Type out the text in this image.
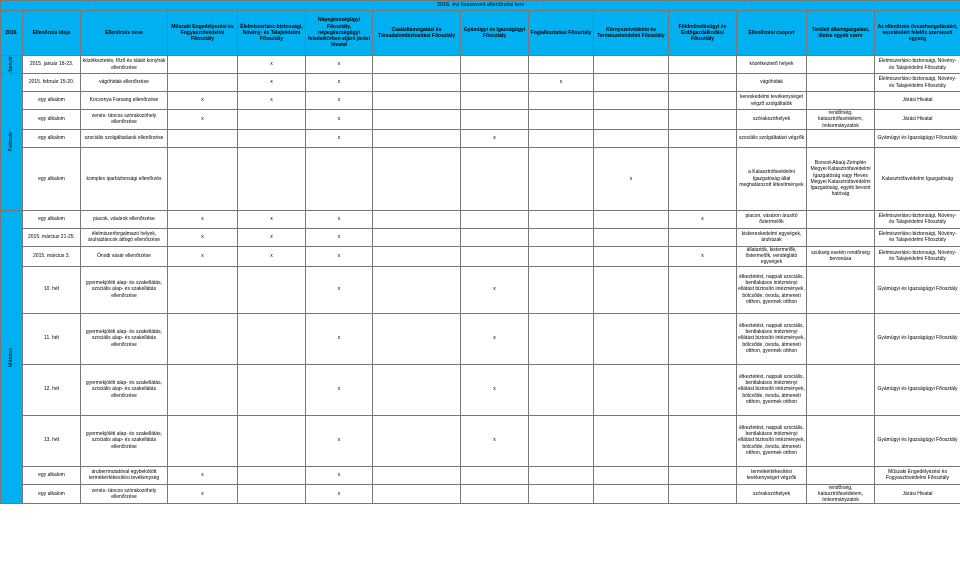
2016. évi összevont ellenőrzési terv													
2016.	Ellenőrzés ideje	Ellenőrzés neve	Műszaki Engedélyezési és Fogyasztóvédelmi Főosztály	Élelmiszerlánc-biztonsági, Növény- és Talajvédelmi Főosztály	Népegészségügyi Főosztály, népegészségügyi feladatkörben eljáró járási hivatal	Családtámogatási és Társadalombiztosítási Főosztály	Gyámügyi és Igazságügyi Főosztály	Foglalkoztatási Főosztály	Környezetvédelmi és Természetvédelmi Főosztály	Földművelésügyi és Erdőgazdálkodási Főosztály	Ellenőrzési csoport	Területi államigazgatási, illetve egyéb szerv	Az ellenőrzés összehangolásáért, vezetéséért felelős szervezeti egység
Január	2015. január 18-23.	közétkeztetés, főző és tálaló konyhák ellenőrzése		x	x						közétkeztető helyek		Élelmiszerlánc-biztonsági, Növény- és Talajvédelmi Főosztály
Február	2015. február 15-20.	vágóhidak ellenőrzése		x	x			x			vágóhidak		Élelmiszerlánc-biztonsági, Növény- és Talajvédelmi Főosztály
	egy alkalom	Kocsonya Farsang ellenőrzése	x	x	x						kereskedelmi tevékenységet végző szolgáltatók		Járási Hivatal
	egy alkalom	zenés- táncos szórakozóhely ellenőrzése	x		x						szórakozóhelyek	rendőrség, katasztrófavédelem, önkormányzatok	Járási Hivatal
	egy alkalom	szociális szolgáltatások ellenőrzése			x		x				szociális szolgáltatást végzők		Gyámügyi és Igazságügyi Főosztály
	egy alkalom	komplex iparbiztonsági ellenőrzés							x		a Katasztrófavédelmi Igazgatóság által meghatározott létesítmények	Borsod-Abaúj-Zemplén Megyei Katasztrófavédelmi Igazgatóság vagy Heves Megyei Katasztrófavédelmi Igazgatóság, egyéb bevont hatóság	Katasztrófavédelmi Igazgatóság
Március	egy alkalom	piacok, vásárok ellenőrzése	x	x	x					x	piacon, vásáron árusító őstermelők		Élelmiszerlánc-biztonsági, Növény- és Talajvédelmi Főosztály
	2015. március 21-25.	élelmiszerforgalmazó helyek, áruházláncok átfogó ellenőrzése	x	x	x						kiskereskedelmi egységek, áruházak		Élelmiszerlánc-biztonsági, Növény- és Talajvédelmi Főosztály
	2015. március 3.	Ónodi vásár ellenőrzése	x	x	x					x	állatartók, kistermelők, őstermelők, vendéglátó egységek	szükség esetén rendőrség bevonása	Élelmiszerlánc-biztonsági, Növény- és Talajvédelmi Főosztály
	10. hét	gyermekjóléti alap- és szakellátás, szociális alap- és szakellátás ellenőrzése			x		x				étkeztetést, nappali szociális, bentlakásos intézményi ellátást biztosító intézmények, bölcsőde, óvoda, átmeneti otthon, gyermek otthon		Gyámügyi és Igazságügyi Főosztály
	11. hét	gyermekjóléti alap- és szakellátás, szociális alap- és szakellátás ellenőrzése			x		x				étkeztetést, nappali szociális, bentlakásos intézményi ellátást biztosító intézmények, bölcsőde, óvoda, átmeneti otthon, gyermek otthon		Gyámügyi és Igazságügyi Főosztály
	12. hét	gyermekjóléti alap- és szakellátás, szociális alap- és szakellátás ellenőrzése			x		x				étkeztetést, nappali szociális, bentlakásos intézményi ellátást biztosító intézmények, bölcsőde, óvoda, átmeneti otthon, gyermek otthon		Gyámügyi és Igazságügyi Főosztály
	13. hét	gyermekjóléti alap- és szakellátás, szociális alap- és szakellátás ellenőrzése			x		x				étkeztetést, nappali szociális, bentlakásos intézményi ellátást biztosító intézmények, bölcsőde, óvoda, átmeneti otthon, gyermek otthon		Gyámügyi és Igazságügyi Főosztály
	egy alkalom	áruberrmutatóval egybekötött termékértékesítési tevékenység	x		x						termékértékesítési tevékenységet végzők		Műszaki Engedélyezési és Fogyasztóvédelmi Főosztály
	egy alkalom	zenés- táncos szórakozóhely ellenőrzése	x		x						szórakozóhelyek	rendőrség, katasztrófavédelem, önkormányzatok	Járási Hivatal
